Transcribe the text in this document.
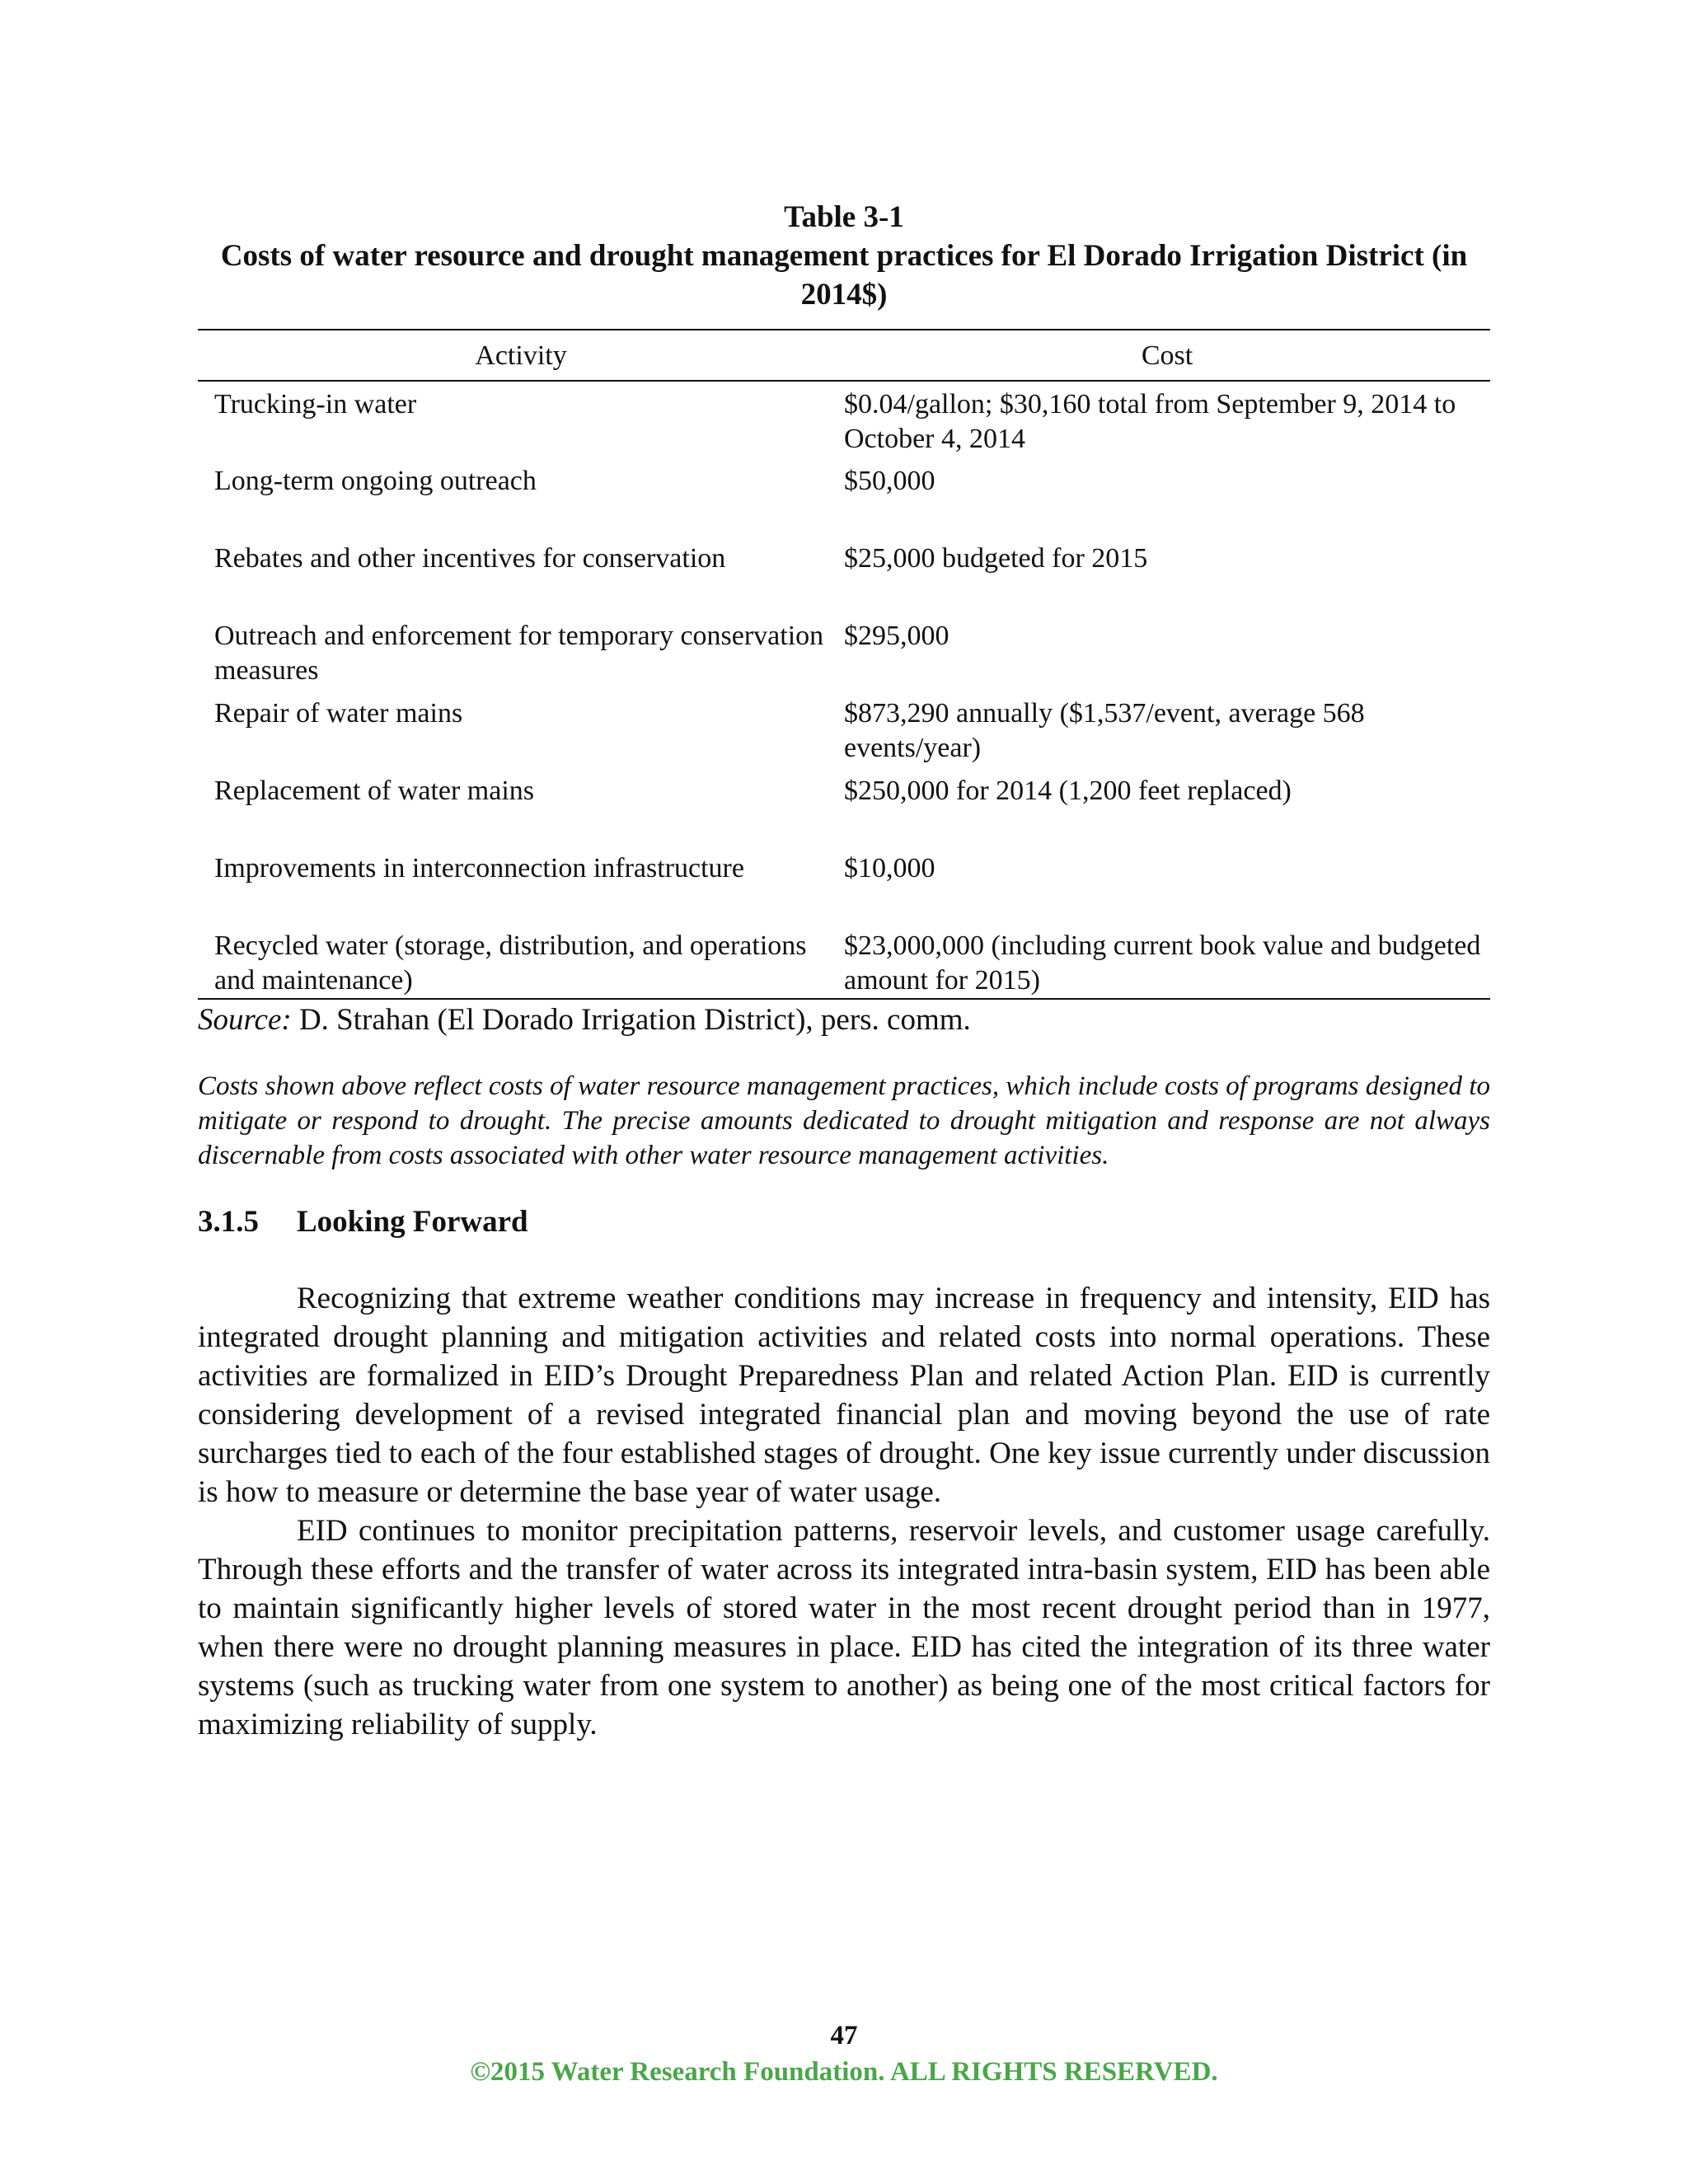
Table 3-1
Costs of water resource and drought management practices for El Dorado Irrigation District (in 2014$)
Activity	Cost
Trucking-in water	$0.04/gallon; $30,160 total from September 9, 2014 to October 4, 2014
Long-term ongoing outreach	$50,000
Rebates and other incentives for conservation	$25,000 budgeted for 2015
Outreach and enforcement for temporary conservation measures	$295,000
Repair of water mains	$873,290 annually ($1,537/event, average 568 events/year)
Replacement of water mains	$250,000 for 2014 (1,200 feet replaced)
Improvements in interconnection infrastructure	$10,000
Recycled water (storage, distribution, and operations and maintenance)	$23,000,000 (including current book value and budgeted amount for 2015)
Source: D. Strahan (El Dorado Irrigation District), pers. comm.
Costs shown above reflect costs of water resource management practices, which include costs of programs designed to mitigate or respond to drought. The precise amounts dedicated to drought mitigation and response are not always discernable from costs associated with other water resource management activities.
3.1.5 Looking Forward

Recognizing that extreme weather conditions may increase in frequency and intensity, EID has integrated drought planning and mitigation activities and related costs into normal operations. These activities are formalized in EID’s Drought Preparedness Plan and related Action Plan. EID is currently considering development of a revised integrated financial plan and moving beyond the use of rate surcharges tied to each of the four established stages of drought. One key issue currently under discussion is how to measure or determine the base year of water usage.

EID continues to monitor precipitation patterns, reservoir levels, and customer usage carefully. Through these efforts and the transfer of water across its integrated intra-basin system, EID has been able to maintain significantly higher levels of stored water in the most recent drought period than in 1977, when there were no drought planning measures in place. EID has cited the integration of its three water systems (such as trucking water from one system to another) as being one of the most critical factors for maximizing reliability of supply.

47
©2015 Water Research Foundation. ALL RIGHTS RESERVED.
